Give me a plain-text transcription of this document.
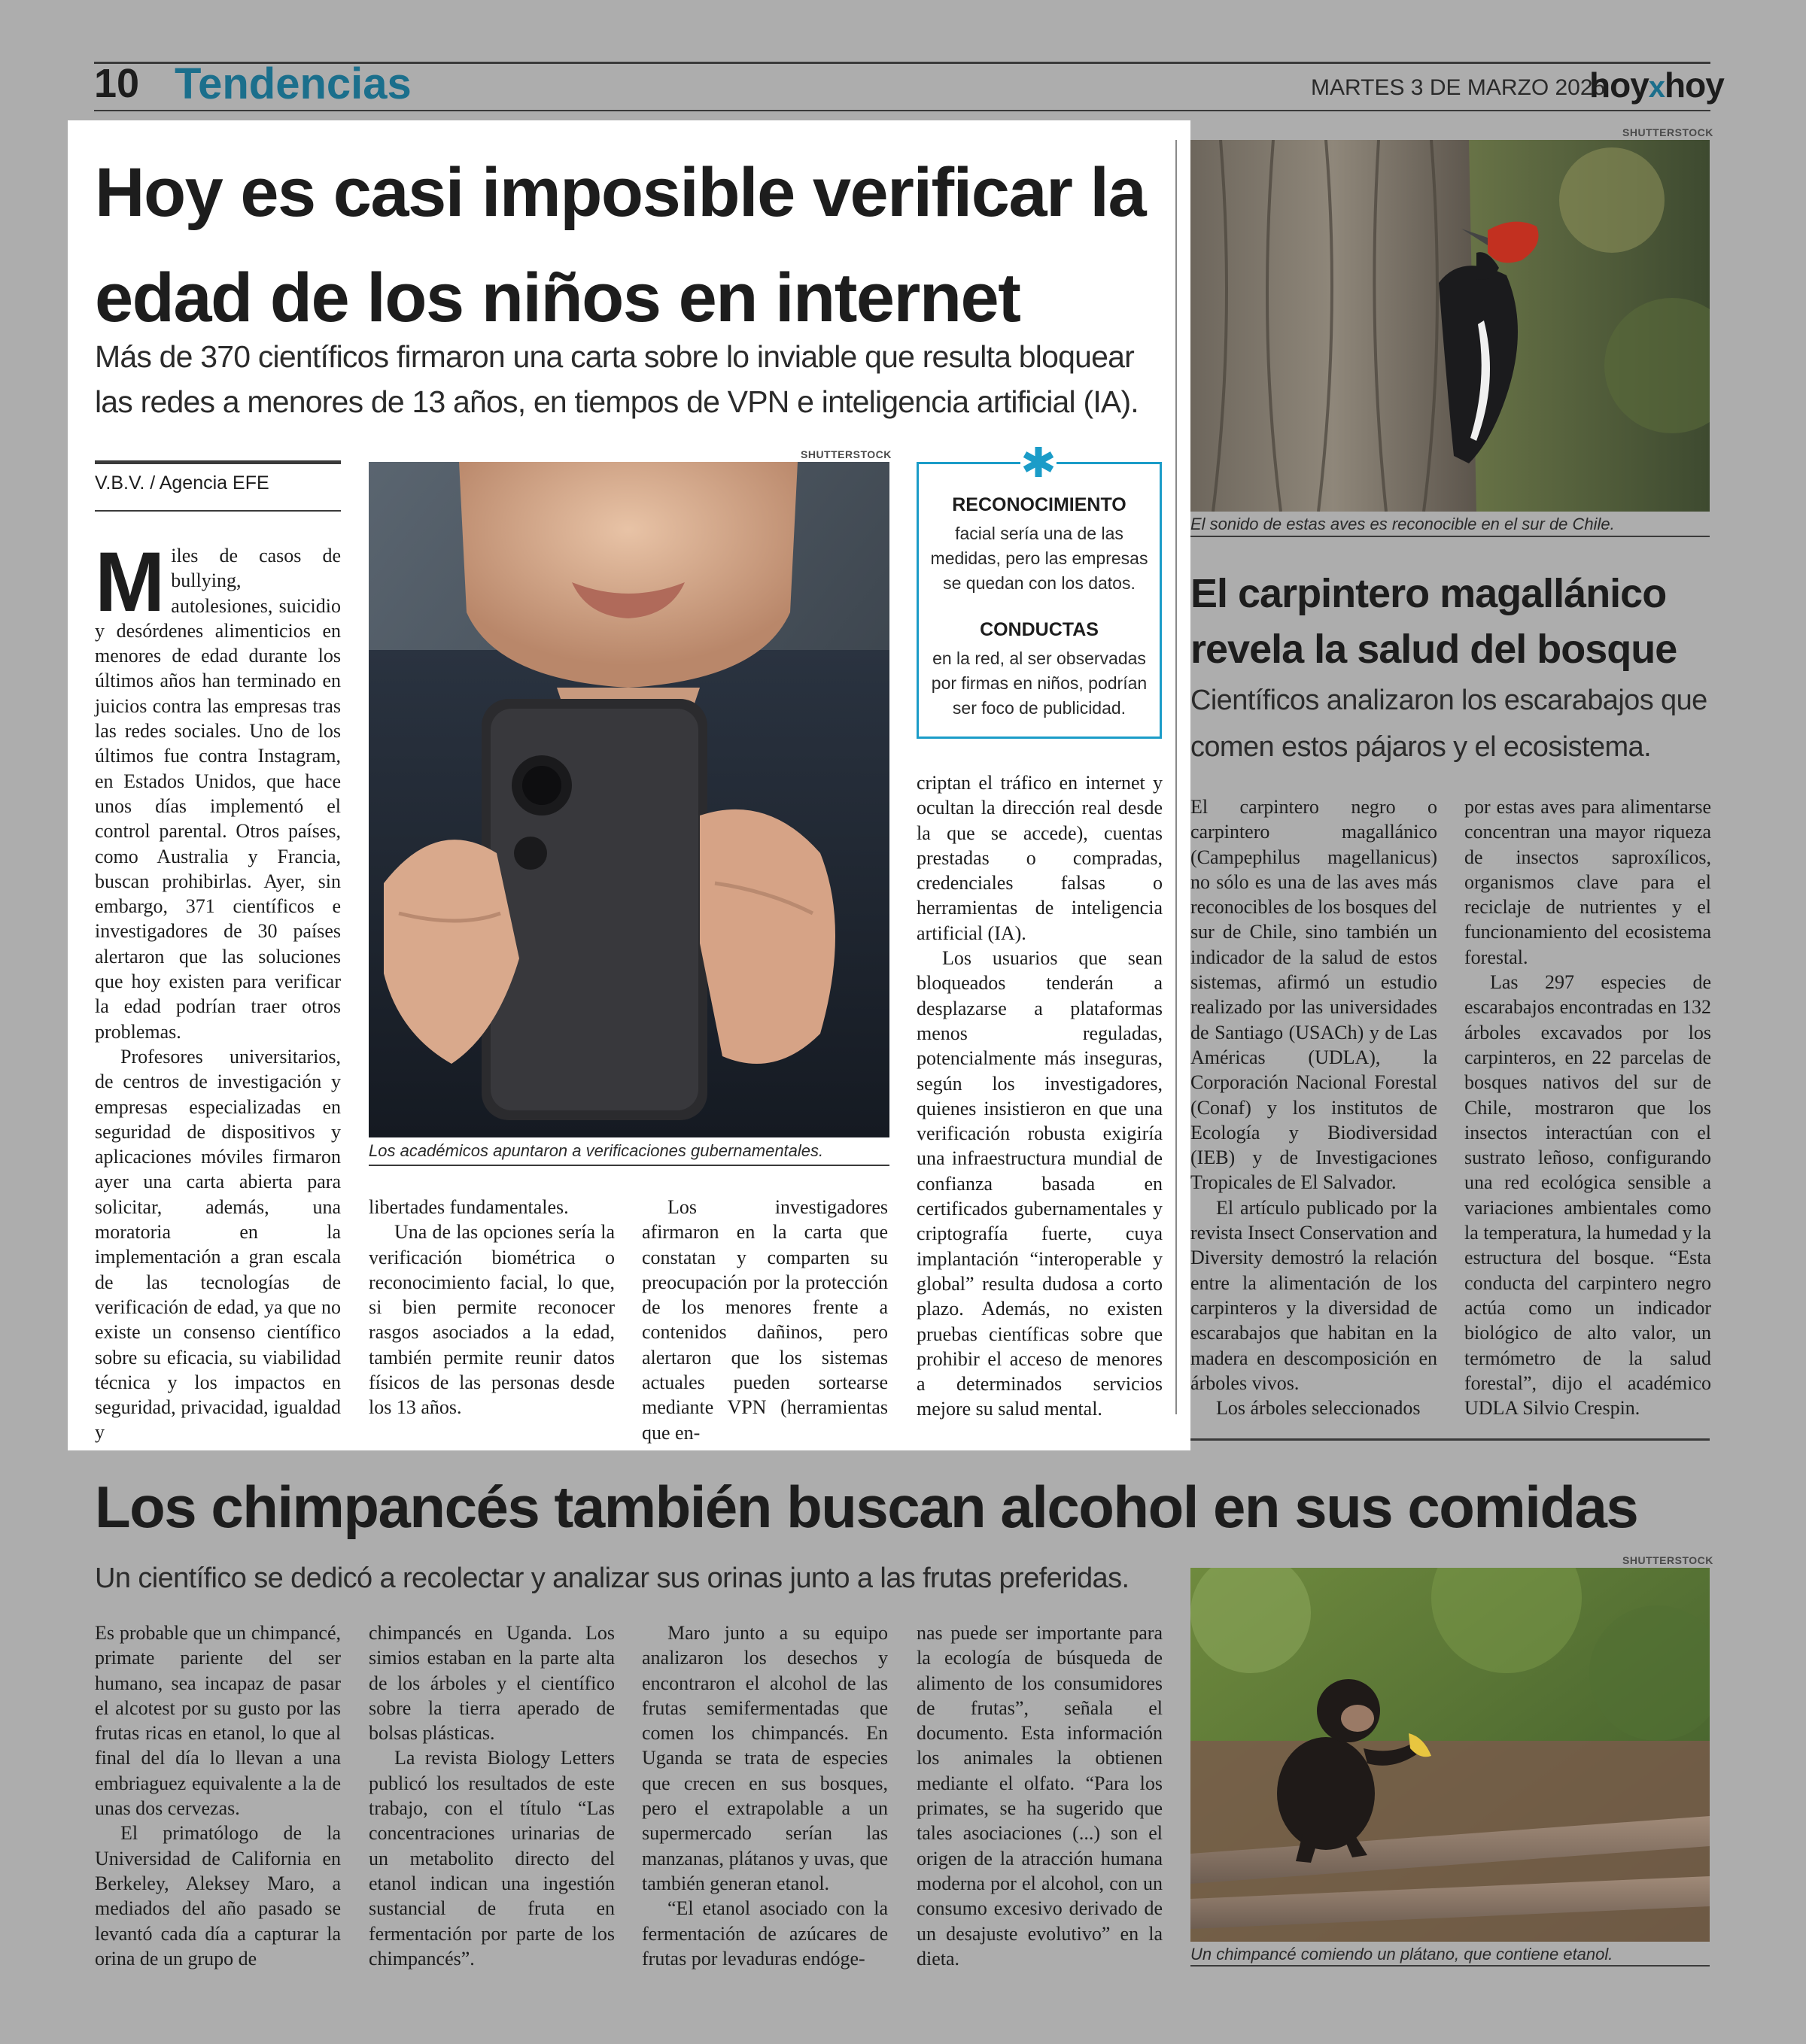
10 Tendencias	MARTES 3 DE MARZO 2026
hoyxhoy
Hoy es casi imposible verificar la
edad de los niños en internet
Más de 370 científicos firmaron una carta sobre lo inviable que resulta bloquear las redes a menores de 13 años, en tiempos de VPN e inteligencia artificial (IA).
V.B.V. / Agencia EFE

Miles de casos de bullying, autolesiones, suicidio y desórdenes alimenticios en menores de edad durante los últimos años han terminado en juicios contra las empresas tras las redes sociales. Uno de los últimos fue contra Instagram, en Estados Unidos, que hace unos días implementó el control parental. Otros países, como Australia y Francia, buscan prohibirlas. Ayer, sin embargo, 371 científicos e investigadores de 30 países alertaron que las soluciones que hoy existen para verificar la edad podrían traer otros problemas.

Profesores universitarios, de centros de investigación y empresas especializadas en seguridad de dispositivos y aplicaciones móviles firmaron ayer una carta abierta para solicitar, además, una moratoria en la implementación a gran escala de las tecnologías de verificación de edad, ya que no existe un consenso científico sobre su eficacia, su viabilidad técnica y los impactos en seguridad, privacidad, igualdad y

SHUTTERSTOCK
Los académicos apuntaron a verificaciones gubernamentales.

libertades fundamentales.

Una de las opciones sería la verificación biométrica o reconocimiento facial, lo que, si bien permite reconocer rasgos asociados a la edad, también permite reunir datos físicos de las personas desde los 13 años.

Los investigadores afirmaron en la carta que constatan y comparten su preocupación por la protección de los menores frente a contenidos dañinos, pero alertaron que los sistemas actuales pueden sortearse mediante VPN (herramientas que en-

RECONOCIMIENTO
facial sería una de las medidas, pero las empresas se quedan con los datos.
CONDUCTAS
en la red, al ser observadas por firmas en niños, podrían ser foco de publicidad.

criptan el tráfico en internet y ocultan la dirección real desde la que se accede), cuentas prestadas o compradas, credenciales falsas o herramientas de inteligencia artificial (IA).

Los usuarios que sean bloqueados tenderán a desplazarse a plataformas menos reguladas, potencialmente más inseguras, según los investigadores, quienes insistieron en que una verificación robusta exigiría una infraestructura mundial de confianza basada en certificados gubernamentales y criptografía fuerte, cuya implantación “interoperable y global” resulta dudosa a corto plazo. Además, no existen pruebas científicas sobre que prohibir el acceso de menores a determinados servicios mejore su salud mental.

SHUTTERSTOCK
El sonido de estas aves es reconocible en el sur de Chile.
El carpintero magallánico
revela la salud del bosque
Científicos analizaron los escarabajos que comen estos pájaros y el ecosistema.

El carpintero negro o carpintero magallánico (Campephilus magellanicus) no sólo es una de las aves más reconocibles de los bosques del sur de Chile, sino también un indicador de la salud de estos sistemas, afirmó un estudio realizado por las universidades de Santiago (USACh) y de Las Américas (UDLA), la Corporación Nacional Forestal (Conaf) y los institutos de Ecología y Biodiversidad (IEB) y de Investigaciones Tropicales de El Salvador.

El artículo publicado por la revista Insect Conservation and Diversity demostró la relación entre la alimentación de los carpinteros y la diversidad de escarabajos que habitan en la madera en descomposición en árboles vivos.

Los árboles seleccionados

por estas aves para alimentarse concentran una mayor riqueza de insectos saproxílicos, organismos clave para el reciclaje de nutrientes y el funcionamiento del ecosistema forestal.

Las 297 especies de escarabajos encontradas en 132 árboles excavados por los carpinteros, en 22 parcelas de bosques nativos del sur de Chile, mostraron que los insectos interactúan con el sustrato leñoso, configurando una red ecológica sensible a variaciones ambientales como la temperatura, la humedad y la estructura del bosque. “Esta conducta del carpintero negro actúa como un indicador biológico de alto valor, un termómetro de la salud forestal”, dijo el académico UDLA Silvio Crespin.

Los chimpancés también buscan alcohol en sus comidas
Un científico se dedicó a recolectar y analizar sus orinas junto a las frutas preferidas.

Es probable que un chimpancé, primate pariente del ser humano, sea incapaz de pasar el alcotest por su gusto por las frutas ricas en etanol, lo que al final del día lo llevan a una embriaguez equivalente a la de unas dos cervezas.

El primatólogo de la Universidad de California en Berkeley, Aleksey Maro, a mediados del año pasado se levantó cada día a capturar la orina de un grupo de

chimpancés en Uganda. Los simios estaban en la parte alta de los árboles y el científico sobre la tierra aperado de bolsas plásticas.

La revista Biology Letters publicó los resultados de este trabajo, con el título “Las concentraciones urinarias de un metabolito directo del etanol indican una ingestión sustancial de fruta en fermentación por parte de los chimpancés”.

Maro junto a su equipo analizaron los desechos y encontraron el alcohol de las frutas semifermentadas que comen los chimpancés. En Uganda se trata de especies que crecen en sus bosques, pero el extrapolable a un supermercado serían las manzanas, plátanos y uvas, que también generan etanol.

“El etanol asociado con la fermentación de azúcares de frutas por levaduras endóge-

nas puede ser importante para la ecología de búsqueda de alimento de los consumidores de frutas”, señala el documento. Esta información los animales la obtienen mediante el olfato. “Para los primates, se ha sugerido que tales asociaciones (...) son el origen de la atracción humana moderna por el alcohol, con un consumo excesivo derivado de un desajuste evolutivo” en la dieta.

SHUTTERSTOCK
Un chimpancé comiendo un plátano, que contiene etanol.
